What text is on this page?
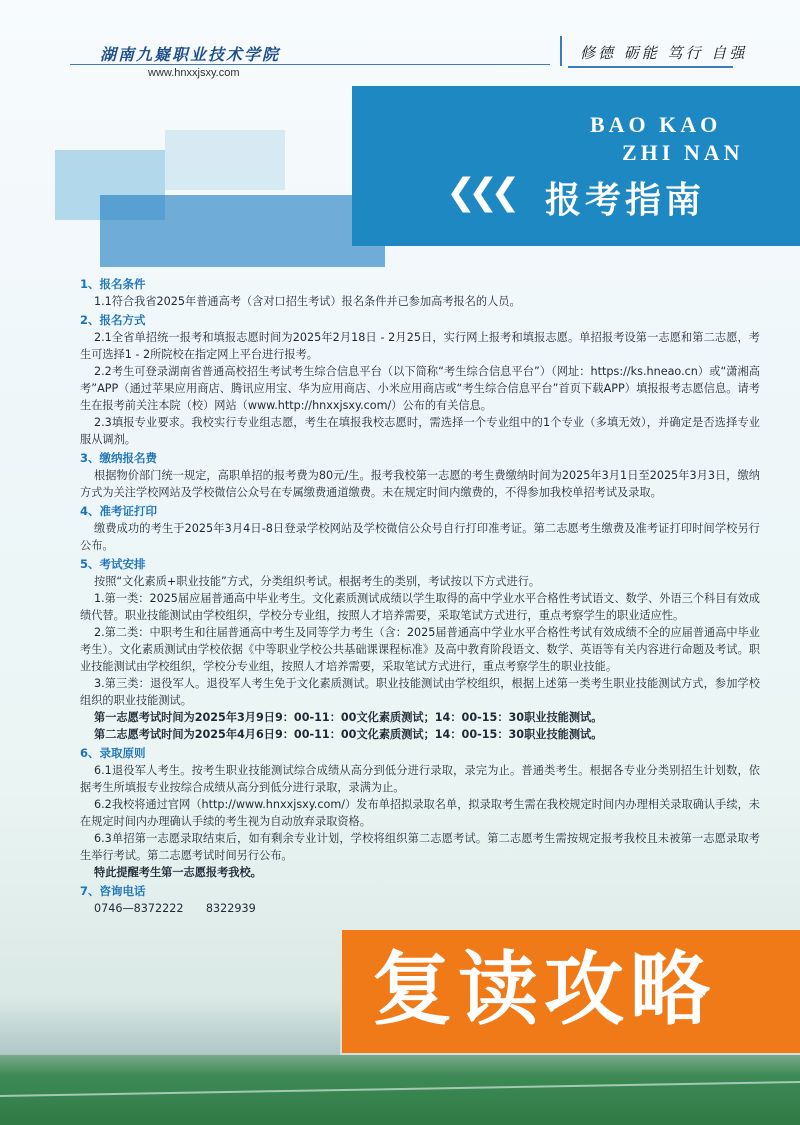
湖南九嶷职业技术学院
www.hnxxjsxy.com
修德 砺能 笃行 自强
BAO KAO
ZHI NAN
❮❮❮ 报考指南
1、报名条件
1.1符合我省2025年普通高考（含对口招生考试）报名条件并已参加高考报名的人员。
2、报名方式
2.1全省单招统一报考和填报志愿时间为2025年2月18日 - 2月25日，实行网上报考和填报志愿。单招报考设第一志愿和第二志愿，考生可选择1 - 2所院校在指定网上平台进行报考。
2.2考生可登录湖南省普通高校招生考试考生综合信息平台（以下简称“考生综合信息平台”）（网址：https://ks.hneao.cn）或“潇湘高考”APP（通过苹果应用商店、腾讯应用宝、华为应用商店、小米应用商店或“考生综合信息平台”首页下载APP）填报报考志愿信息。请考生在报考前关注本院（校）网站（www.http://hnxxjsxy.com/）公布的有关信息。
2.3填报专业要求。我校实行专业组志愿，考生在填报我校志愿时，需选择一个专业组中的1个专业（多填无效），并确定是否选择专业服从调剂。
3、缴纳报名费
根据物价部门统一规定，高职单招的报考费为80元/生。报考我校第一志愿的考生费缴纳时间为2025年3月1日至2025年3月3日，缴纳方式为关注学校网站及学校微信公众号在专属缴费通道缴费。未在规定时间内缴费的，不得参加我校单招考试及录取。
4、准考证打印
缴费成功的考生于2025年3月4日-8日登录学校网站及学校微信公众号自行打印准考证。第二志愿考生缴费及准考证打印时间学校另行公布。
5、考试安排
按照“文化素质+职业技能”方式，分类组织考试。根据考生的类别，考试按以下方式进行。
1.第一类：2025届应届普通高中毕业考生。文化素质测试成绩以学生取得的高中学业水平合格性考试语文、数学、外语三个科目有效成绩代替。职业技能测试由学校组织，学校分专业组，按照人才培养需要，采取笔试方式进行，重点考察学生的职业适应性。
2.第二类：中职考生和往届普通高中考生及同等学力考生（含：2025届普通高中学业水平合格性考试有效成绩不全的应届普通高中毕业考生）。文化素质测试由学校依据《中等职业学校公共基础课课程标准》及高中教育阶段语文、数学、英语等有关内容进行命题及考试。职业技能测试由学校组织，学校分专业组，按照人才培养需要，采取笔试方式进行，重点考察学生的职业技能。
3.第三类：退役军人。退役军人考生免于文化素质测试。职业技能测试由学校组织，根据上述第一类考生职业技能测试方式，参加学校组织的职业技能测试。
第一志愿考试时间为2025年3月9日9：00-11：00文化素质测试；14：00-15：30职业技能测试。
第二志愿考试时间为2025年4月6日9：00-11：00文化素质测试；14：00-15：30职业技能测试。
6、录取原则
6.1退役军人考生。按考生职业技能测试综合成绩从高分到低分进行录取，录完为止。普通类考生。根据各专业分类别招生计划数，依据考生所填报专业按综合成绩从高分到低分进行录取，录满为止。
6.2我校将通过官网（http://www.hnxxjsxy.com/）发布单招拟录取名单，拟录取考生需在我校规定时间内办理相关录取确认手续，未在规定时间内办理确认手续的考生视为自动放弃录取资格。
6.3单招第一志愿录取结束后，如有剩余专业计划，学校将组织第二志愿考试。第二志愿考生需按规定报考我校且未被第一志愿录取考生举行考试。第二志愿考试时间另行公布。
特此提醒考生第一志愿报考我校。
7、咨询电话
0746—8372222　　8322939
复读攻略
